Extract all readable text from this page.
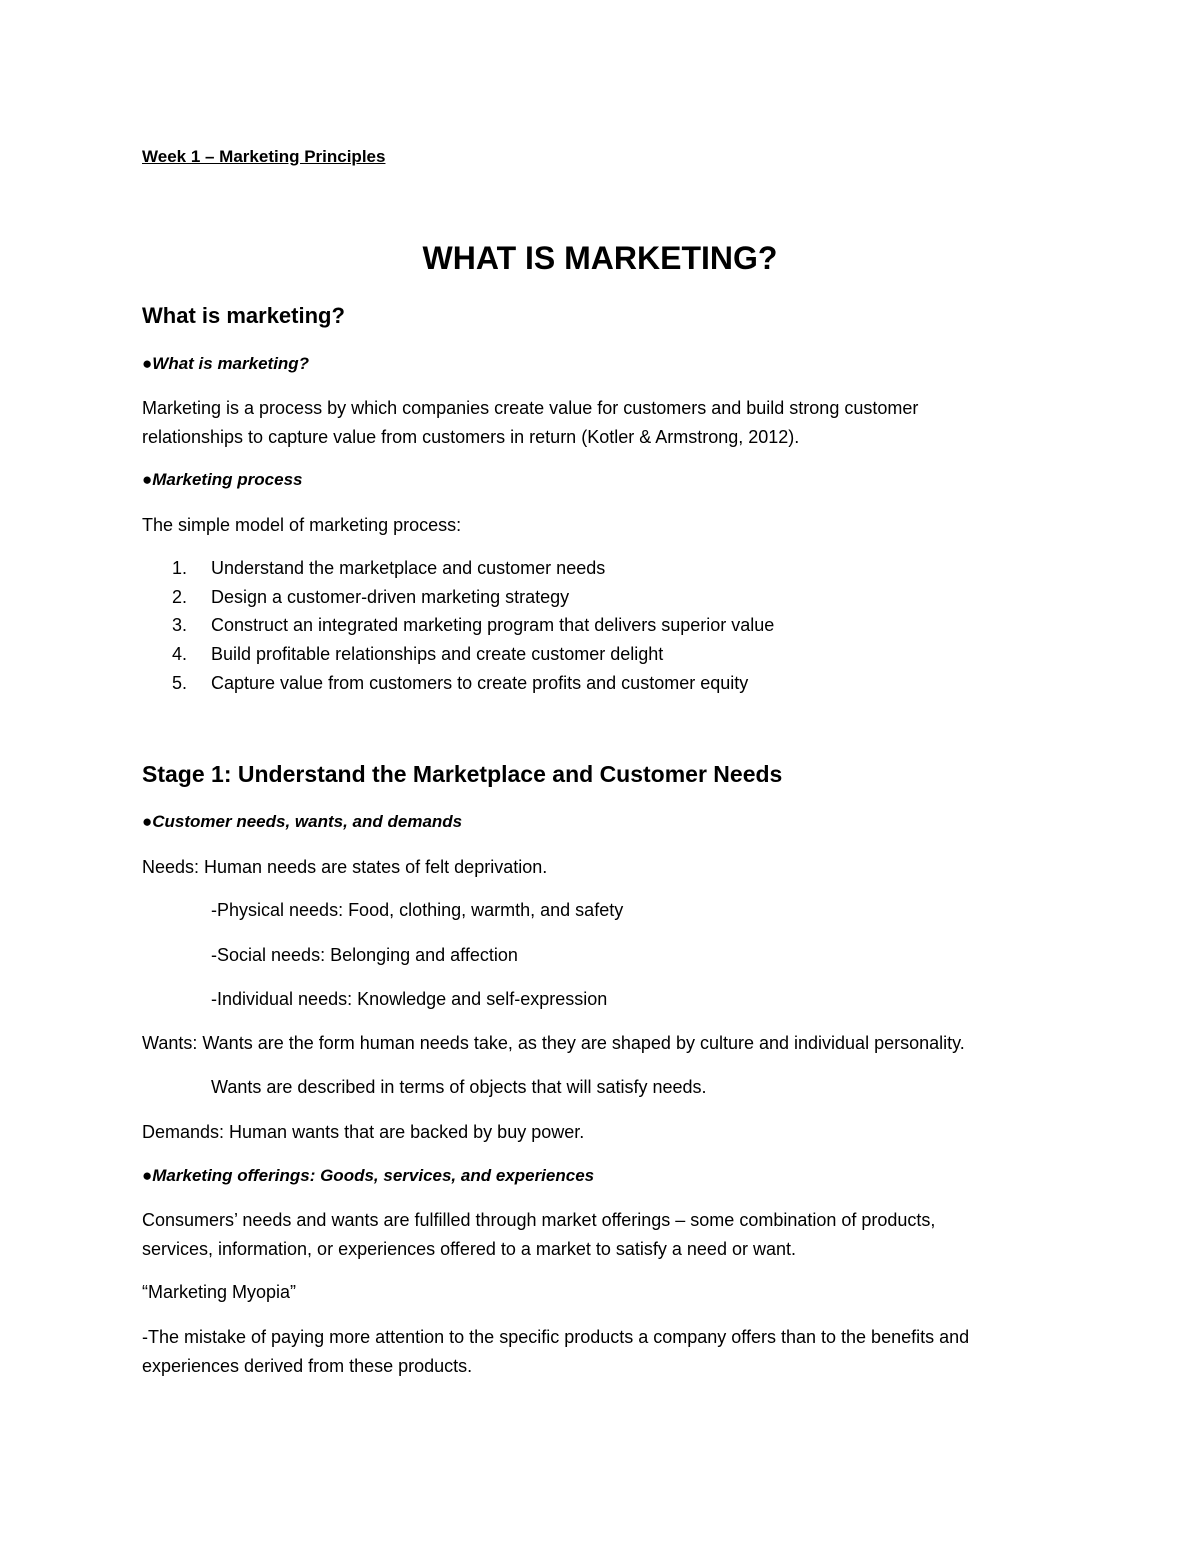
Week 1 – Marketing Principles
WHAT IS MARKETING?
What is marketing?
●What is marketing?
Marketing is a process by which companies create value for customers and build strong customer
relationships to capture value from customers in return (Kotler & Armstrong, 2012).
●Marketing process
The simple model of marketing process:
1. Understand the marketplace and customer needs
2. Design a customer-driven marketing strategy
3. Construct an integrated marketing program that delivers superior value
4. Build profitable relationships and create customer delight
5. Capture value from customers to create profits and customer equity
Stage 1: Understand the Marketplace and Customer Needs
●Customer needs, wants, and demands
Needs: Human needs are states of felt deprivation.
-Physical needs: Food, clothing, warmth, and safety
-Social needs: Belonging and affection
-Individual needs: Knowledge and self-expression
Wants: Wants are the form human needs take, as they are shaped by culture and individual personality.
Wants are described in terms of objects that will satisfy needs.
Demands: Human wants that are backed by buy power.
●Marketing offerings: Goods, services, and experiences
Consumers’ needs and wants are fulfilled through market offerings – some combination of products,
services, information, or experiences offered to a market to satisfy a need or want.
“Marketing Myopia”
-The mistake of paying more attention to the specific products a company offers than to the benefits and
experiences derived from these products.
